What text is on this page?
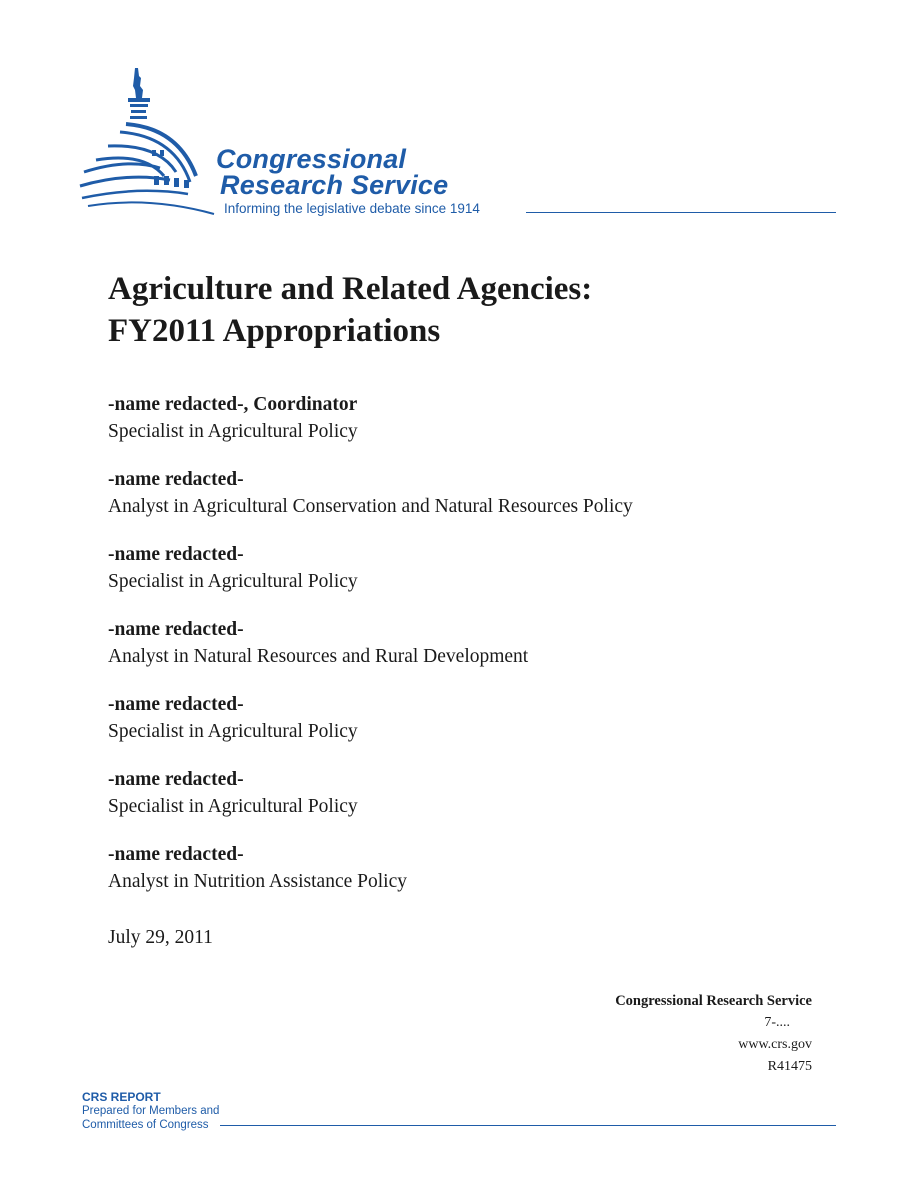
Congressional
Research Service
Informing the legislative debate since 1914
Agriculture and Related Agencies:
FY2011 Appropriations
-name redacted-, Coordinator
Specialist in Agricultural Policy
-name redacted-
Analyst in Agricultural Conservation and Natural Resources Policy
-name redacted-
Specialist in Agricultural Policy
-name redacted-
Analyst in Natural Resources and Rural Development
-name redacted-
Specialist in Agricultural Policy
-name redacted-
Specialist in Agricultural Policy
-name redacted-
Analyst in Nutrition Assistance Policy
July 29, 2011
Congressional Research Service
7-....
www.crs.gov
R41475
CRS REPORT
Prepared for Members and
Committees of Congress
